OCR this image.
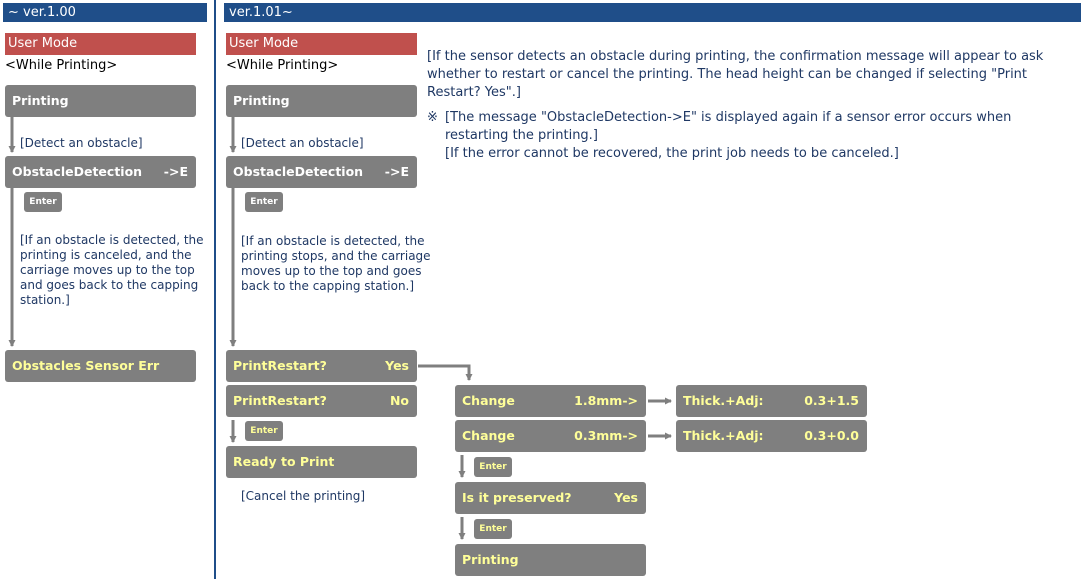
~ ver.1.00
User Mode
<While Printing>
Printing
[Detect an obstacle]
ObstacleDetection ->E
Enter
[If an obstacle is detected, the printing is canceled, and the carriage moves up to the top and goes back to the capping station.]
Obstacles Sensor Err
ver.1.01~
User Mode
<While Printing>
Printing
[Detect an obstacle]
ObstacleDetection ->E
Enter
[If an obstacle is detected, the printing stops, and the carriage moves up to the top and goes back to the capping station.]
PrintRestart?	Yes
PrintRestart?	No
Enter
Ready to Print
[Cancel the printing]
Change	1.8mm->
Change	0.3mm->
Thick.+Adj:	0.3+1.5
Thick.+Adj:	0.3+0.0
Enter
Is it preserved?	Yes
Enter
Printing
[If the sensor detects an obstacle during printing, the confirmation message will appear to ask whether to restart or cancel the printing. The head height can be changed if selecting "Print Restart? Yes".]
※ [The message "ObstacleDetection->E" is displayed again if a sensor error occurs when restarting the printing.]
[If the error cannot be recovered, the print job needs to be canceled.]
